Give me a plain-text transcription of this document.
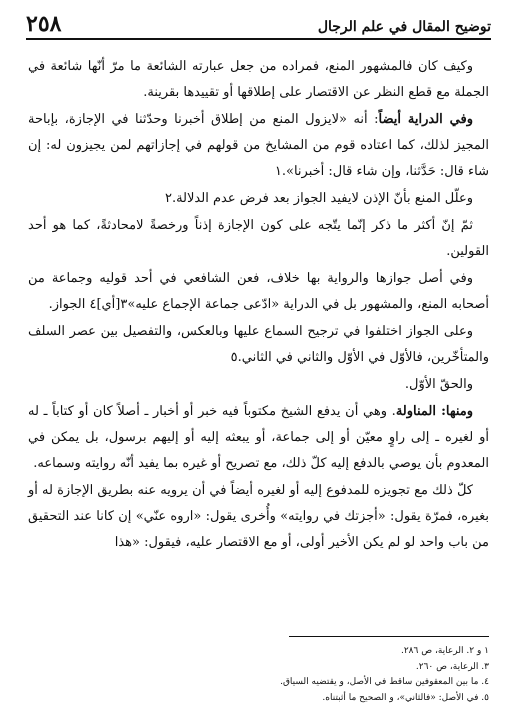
توضيح المقال في علم الرجال
٢٥٨

وكيف كان فالمشهور المنع، فمراده من جعل عبارته الشائعة ما مرّ أنّها شائعة في الجملة مع قطع النظر عن الاقتصار على إطلاقها أو تقييدها بقرينة.

وفي الدراية أيضاً: أنه «لايزول المنع من إطلاق أخبرنا وحدّثنا في الإجازة، بإباحة المجيز لذلك، كما اعتاده قوم من المشايخ من قولهم في إجازاتهم لمن يجيزون له: إن شاء قال: حَدَّثنا، وإن شاء قال: أخبرنا».١

وعلّل المنع بأنّ الإذن لايفيد الجواز بعد فرض عدم الدلالة.٢

ثمّ إنّ أكثر ما ذكر إنّما يتّجه على كون الإجازة إذناً ورخصةً لامحادثةً، كما هو أحد القولين.

وفي أصل جوازها والرواية بها خلاف، فعن الشافعي في أحد قوليه وجماعة من أصحابه المنع، والمشهور بل في الدراية «ادّعى جماعة الإجماع عليه»٣[أي]٤ الجواز.

وعلى الجواز اختلفوا في ترجيح السماع عليها وبالعكس، والتفصيل بين عصر السلف والمتأخّرين، فالأوّل في الأوّل والثاني في الثاني.٥

والحقّ الأوّل.

ومنها: المناولة. وهي أن يدفع الشيخ مكتوباً فيه خبر أو أخبار ـ أصلاً كان أو كتاباً ـ له أو لغيره ـ إلى راوٍ معيّن أو إلى جماعة، أو يبعثه إليه أو إليهم برسول، بل يمكن في المعدوم بأن يوصي بالدفع إليه كلّ ذلك، مع تصريح أو غيره بما يفيد أنّه روايته وسماعه.

كلّ ذلك مع تجويزه للمدفوع إليه أو لغيره أيضاً في أن يرويه عنه بطريق الإجازة له أو بغيره، فمرّة يقول: «أجزتك في روايته» وأُخرى يقول: «اروه عنّي» إن كانا عند التحقيق من باب واحد لو لم يكن الأخير أولى، أو مع الاقتصار عليه، فيقول: «هذا

١ و ٢. الرعاية، ص ٢٨٦.
٣. الرعاية، ص ٢٦٠.
٤. ما بين المعقوفين ساقط في الأصل، و يقتضيه السياق.
٥. في الأصل: «فالثاني»، و الصحيح ما أثبتناه.
